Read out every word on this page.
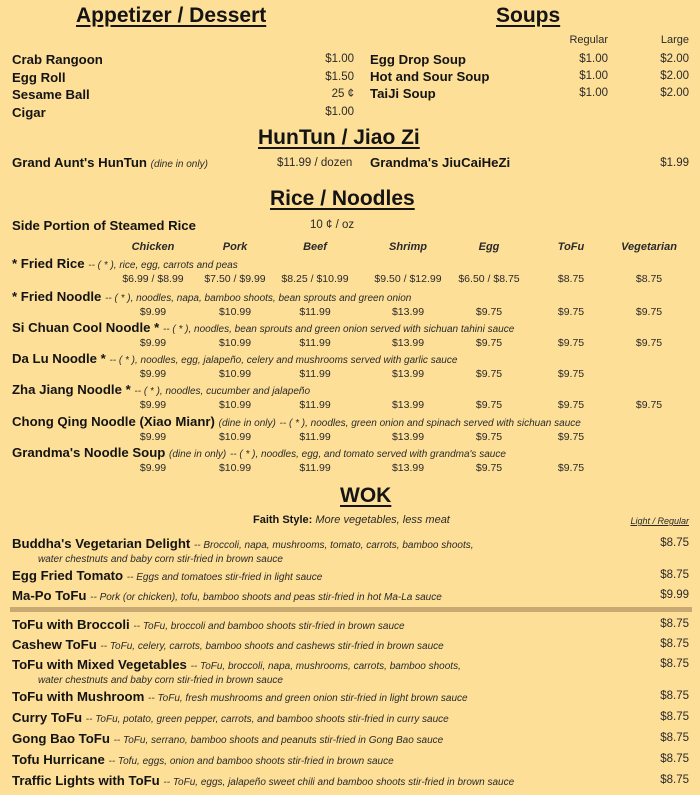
Appetizer / Dessert
Crab Rangoon	$1.00
Egg Roll	$1.50
Sesame Ball	25 ¢
Cigar	$1.00
Soups
Regular	Large
Egg Drop Soup	$1.00	$2.00
Hot and Sour Soup	$1.00	$2.00
TaiJi Soup	$1.00	$2.00
HunTun / Jiao Zi
Grand Aunt's HunTun (dine in only)	$11.99 / dozen Grandma's JiuCaiHeZi	$1.99
Rice / Noodles
Side Portion of Steamed Rice	10 ¢ / oz
Chicken	Pork	Beef	Shrimp	Egg	ToFu	Vegetarian
* Fried Rice -- ( * ), rice, egg, carrots and peas
$6.99 / $8.99	$7.50 / $9.99	$8.25 / $10.99	$9.50 / $12.99	$6.50 / $8.75	$8.75	$8.75
* Fried Noodle -- ( * ), noodles, napa, bamboo shoots, bean sprouts and green onion
$9.99	$10.99	$11.99	$13.99	$9.75	$9.75	$9.75
Si Chuan Cool Noodle * -- ( * ), noodles, bean sprouts and green onion served with sichuan tahini sauce
$9.99	$10.99	$11.99	$13.99	$9.75	$9.75	$9.75
Da Lu Noodle * -- ( * ), noodles, egg, jalapeño, celery and mushrooms served with garlic sauce
$9.99	$10.99	$11.99	$13.99	$9.75	$9.75
Zha Jiang Noodle * -- ( * ), noodles, cucumber and jalapeño
$9.99	$10.99	$11.99	$13.99	$9.75	$9.75	$9.75
Chong Qing Noodle (Xiao Mianr) (dine in only) -- ( * ), noodles, green onion and spinach served with sichuan sauce
$9.99	$10.99	$11.99	$13.99	$9.75	$9.75
Grandma's Noodle Soup (dine in only) -- ( * ), noodles, egg, and tomato served with grandma's sauce
$9.99	$10.99	$11.99	$13.99	$9.75	$9.75
WOK
Faith Style: More vegetables, less meat	Light / Regular
Buddha's Vegetarian Delight -- Broccoli, napa, mushrooms, tomato, carrots, bamboo shoots,
water chestnuts and baby corn stir-fried in brown sauce
$8.75
Egg Fried Tomato -- Eggs and tomatoes stir-fried in light sauce	$8.75
Ma-Po ToFu -- Pork (or chicken), tofu, bamboo shoots and peas stir-fried in hot Ma-La sauce	$9.99
ToFu with Broccoli -- ToFu, broccoli and bamboo shoots stir-fried in brown sauce	$8.75
Cashew ToFu -- ToFu, celery, carrots, bamboo shoots and cashews stir-fried in brown sauce	$8.75
ToFu with Mixed Vegetables -- ToFu, broccoli, napa, mushrooms, carrots, bamboo shoots,
water chestnuts and baby corn stir-fried in brown sauce
$8.75
ToFu with Mushroom -- ToFu, fresh mushrooms and green onion stir-fried in light brown sauce	$8.75
Curry ToFu -- ToFu, potato, green pepper, carrots, and bamboo shoots stir-fried in curry sauce	$8.75
Gong Bao ToFu -- ToFu, serrano, bamboo shoots and peanuts stir-fried in Gong Bao sauce	$8.75
Tofu Hurricane -- Tofu, eggs, onion and bamboo shoots stir-fried in brown sauce	$8.75
Traffic Lights with ToFu -- ToFu, eggs, jalapeño sweet chili and bamboo shoots stir-fried in brown sauce	$8.75
